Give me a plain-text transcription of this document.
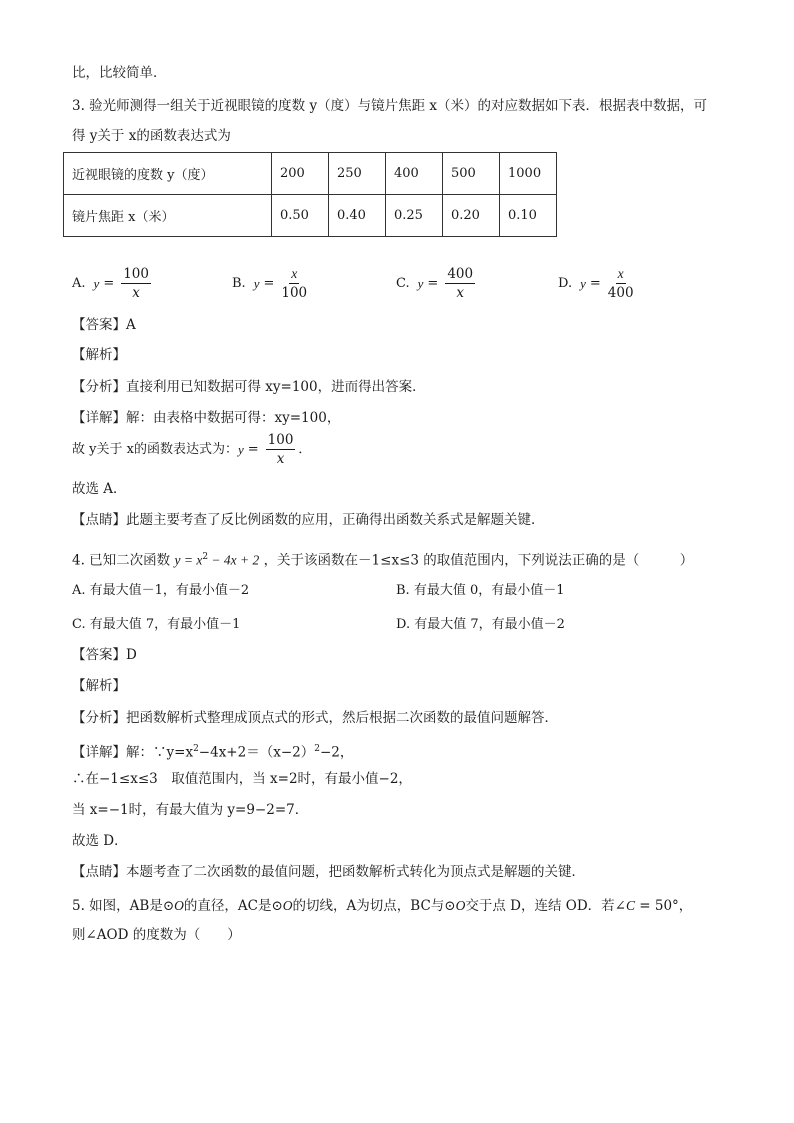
比，比较简单．
3. 验光师测得一组关于近视眼镜的度数 y（度）与镜片焦距 x（米）的对应数据如下表．根据表中数据，可
得 y关于 x的函数表达式为
近视眼镜的度数 y（度）	200	250	400	500	1000
镜片焦距 x（米）	0.50	0.40	0.25	0.20	0.10
A. $y = \frac{100}{x}$	B. $y = \frac{x}{100}$	C. $y = \frac{400}{x}$	D. $y = \frac{x}{400}$
【答案】A
【解析】
【分析】直接利用已知数据可得 xy=100，进而得出答案．
【详解】解：由表格中数据可得：xy=100，
故 y关于 x的函数表达式为： $y = \frac{100}{x}$ ．
故选 A．
【点睛】此题主要考查了反比例函数的应用，正确得出函数关系式是解题关键．
4. 已知二次函数 $y = x^2 - 4x + 2$ ，关于该函数在－1≤x≤3 的取值范围内，下列说法正确的是（　　　）
A. 有最大值－1，有最小值－2	B. 有最大值 0，有最小值－1
C. 有最大值 7，有最小值－1	D. 有最大值 7，有最小值－2
【答案】D
【解析】
【分析】把函数解析式整理成顶点式的形式，然后根据二次函数的最值问题解答．
【详解】解：$\because y=x^2-4x+2=(x-2)^2-2$，
∴在−1≤x≤3　取值范围内，当 x=2时，有最小值−2，
当 x=−1时，有最大值为 y=9−2=7．
故选 D．
【点睛】本题考查了二次函数的最值问题，把函数解析式转化为顶点式是解题的关键．
5. 如图，AB是⊙O的直径，AC是⊙O的切线，A为切点，BC与⊙O交于点 D，连结 OD．若∠C = 50°，
则∠AOD 的度数为（　　）
